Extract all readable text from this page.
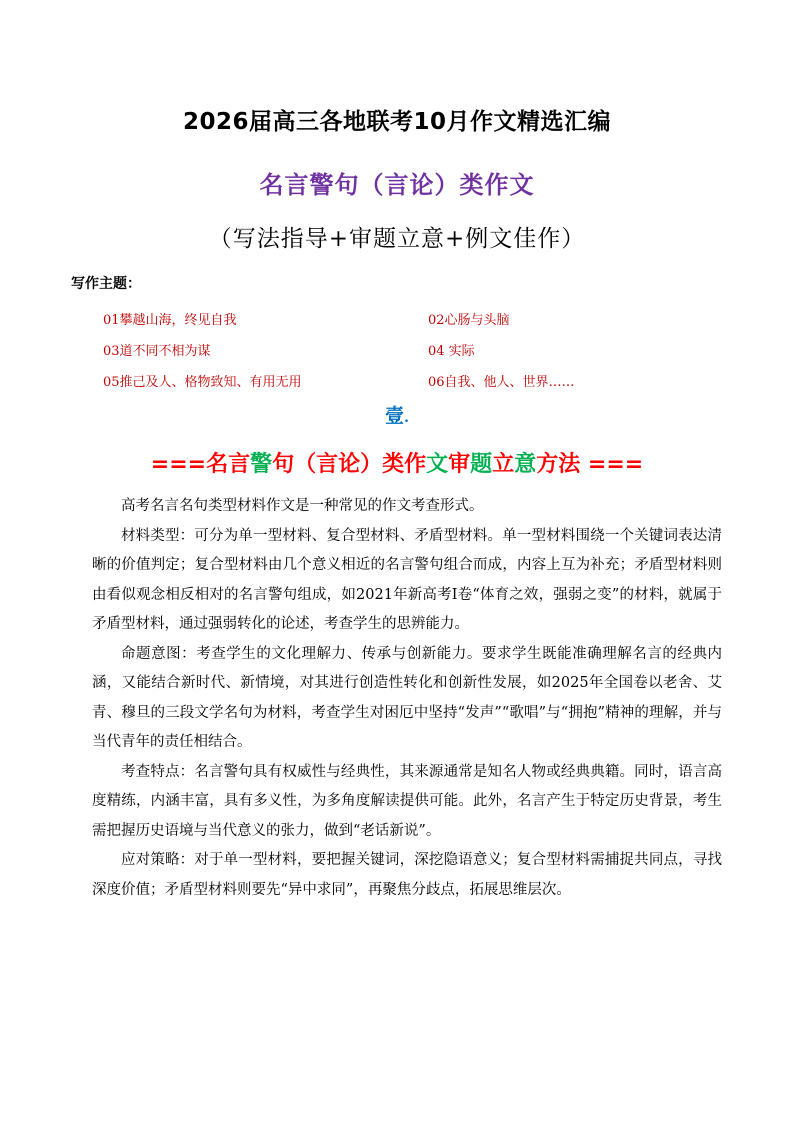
2026届高三各地联考10月作文精选汇编
名言警句（言论）类作文
（写法指导+审题立意+例文佳作）
写作主题：
01攀越山海，终见自我	02心肠与头脑
03道不同不相为谋	04 实际
05推己及人、格物致知、有用无用	06自我、他人、世界……
壹.
===名言警句（言论）类作文审题立意方法 ===

高考名言名句类型材料作文是一种常见的作文考查形式。

材料类型：可分为单一型材料、复合型材料、矛盾型材料。单一型材料围绕一个关键词表达清晰的价值判定；复合型材料由几个意义相近的名言警句组合而成，内容上互为补充；矛盾型材料则由看似观念相反相对的名言警句组成，如2021年新高考Ⅰ卷“体育之效，强弱之变”的材料，就属于矛盾型材料，通过强弱转化的论述，考查学生的思辨能力。

命题意图：考查学生的文化理解力、传承与创新能力。要求学生既能准确理解名言的经典内涵，又能结合新时代、新情境，对其进行创造性转化和创新性发展，如2025年全国卷以老舍、艾青、穆旦的三段文学名句为材料，考查学生对困厄中坚持“发声”“歌唱”与“拥抱”精神的理解，并与当代青年的责任相结合。

考查特点：名言警句具有权威性与经典性，其来源通常是知名人物或经典典籍。同时，语言高度精练，内涵丰富，具有多义性，为多角度解读提供可能。此外，名言产生于特定历史背景，考生需把握历史语境与当代意义的张力，做到“老话新说”。

应对策略：对于单一型材料，要把握关键词，深挖隐语意义；复合型材料需捕捉共同点，寻找深度价值；矛盾型材料则要先“异中求同”，再聚焦分歧点，拓展思维层次。
